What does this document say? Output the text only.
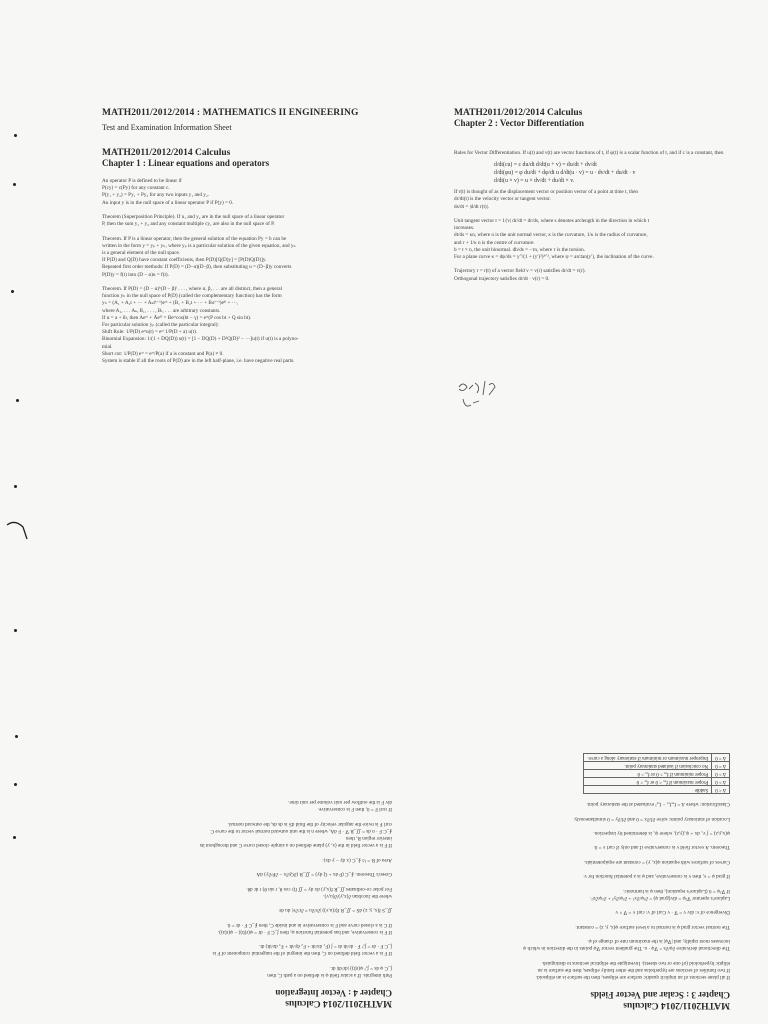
MATH2011/2012/2014 : MATHEMATICS II ENGINEERING

Test and Examination Information Sheet

MATH2011/2012/2014 Calculus

Chapter 1 : Linear equations and operators

An operator P is defined to be linear if

P(cy) = c(Py) for any constant c.

P(y₁ + y₂) = Py₁ + Py₂ for any two inputs y₁ and y₂.

An input y is in the null space of a linear operator P if P(y) = 0.

Theorem (Superposition Principle). If u₁ and y₂ are in the null space of a linear operator

P, then the sum y₁ + y₂ and any constant multiple cy₁ are also in the null space of P.

Theorem. If P is a linear operator, then the general solution of the equation Py = b can be

written in the form y = yₚ + yₕ, where yₚ is a particular solution of the given equation, and yₕ

is a general element of the null space.

If P(D) and Q(D) have constant coefficients, then P(D)[Q(D)y] = [P(D)Q(D)]y.

Repeated first order methods: If P(D) = (D−α)(D−β), then substituting u = (D−β)y converts

P(D)y = f(t) into (D − α)u = f(t).

Theorem. If P(D) = (D − α)ᵏ(D − β)ˡ . . . , where α, β, . . . are all distinct, then a general

function yₕ in the null space of P(D) (called the complementary function) has the form

yₕ = (A₁ + A₂t + ··· + Aₖtᵏ⁻¹)eᵅᵗ + (B₁ + B₂t + ··· + Bₗtˡ⁻¹)eᵝᵗ + ···,

where A₁, . . . Aₖ, B₁, . . . , Bₗ, . . . are arbitrary constants.

If α = a + ib, then Aeᵅᵗ + Āeᵅ̄ᵗ = Beᵃᵗcos(bt − γ) = eᵃᵗ(P cos bt + Q sin bt).

For particular solution yₚ (called the particular integral):

Shift Rule: 1/P(D) eᵃᵗu(t) = eᵃᵗ 1/P(D + a) u(t).

Binomial Expansion: 1/(1 + DQ(D)) u(t) = [1 − DQ(D) + D²Q(D)² − ···]u(t) if u(t) is a polyno-

mial.

Short cut: 1/P(D) eᵃᵗ = eᵃᵗ/P(a) if a is constant and P(a) ≠ 0.

System is stable if all the roots of P(D) are in the left half-plane, i.e. have negative real parts.

MATH2011/2012/2014 Calculus

Chapter 2 : Vector Differentiation

Rules for Vector Differentiation. If u(t) and v(t) are vector functions of t, if φ(t) is a scalar function of t, and if c is a constant, then

d/dt(cu) = c du/dt d/dt(u + v) = du/dt + dv/dt

d/dt(φu) = φ du/dt + dφ/dt u d/dt(u · v) = u · dv/dt + du/dt · v

d/dt(u × v) = u × dv/dt + du/dt × v.

If r(t) is thought of as the displacement vector or position vector of a point at time t, then

dr/dt(t) is the velocity vector or tangent vector.

ds/dt = |d/dt r(t)|.

Unit tangent vector t = 1/|v| dr/dt = dr/ds, where s denotes arclength in the direction in which t

increases.

dt/ds = κn, where n is the unit normal vector, κ is the curvature, 1/κ is the radius of curvature,

and r + 1/κ n is the centre of curvature.

b = t × n, the unit binormal. db/ds = −τn, where τ is the torsion.

For a plane curve κ = dψ/ds = y″/(1 + (y′)²)³ᐟ², where ψ = arctan(y′), the inclination of the curve.

Trajectory r = r(t) of a vector field v = v(r) satisfies dr/dt = v(r).

Orthogonal trajectory satisfies dr/dt · v(r) = 0.

MATH2011/2014 Calculus

Chapter 4 : Vector Integration

Path integrals. If a scalar field φ is defined on a path C, then

∫_C φ ds = ∫ₐᵇ φ(r(t)) |dr/dt| dt.

If F is a vector field defined on C, then the integral of the tangential component of F is

∫_C F · dr = ∫ₐᵇ F · dr/dt dt = ∫ (F₁ dx/dt + F₂ dy/dt + F₃ dz/dt) dt.

If F is conservative, and has potential function φ, then ∫_C F · dr = φ(r(b)) − φ(r(a)).

If C is a closed curve and F is conservative in and inside C, then ∮_C F · dr = 0.

∬_S f(x, y, z) dS = ∬_R f(r(u,v)) |∂r/∂u × ∂r/∂v| du dv

where the Jacobian ∂(x,y)/∂(u,v).

For polar co-ordinates ∬_R f(x,y) dx dy = ∬ f(r cos θ, r sin θ) r dr dθ.

Green's Theorem. ∮_C (P dx + Q dy) = ∬_R (∂Q/∂x − ∂P/∂y) dA

Area of R = ½ ∮_C (x dy − y dx).

If F is a vector field in the (x, y) plane defined on a simple closed curve C and throughout its

interior region R, then

∮_C F · n ds = ∬_R ∇ · F dA, where n is the unit outward normal vector to the curve C

curl F is twice the angular velocity of the fluid dS is ds ds, the outward normal.

If curl F = 0, then F is conservative.

div F is the outflow per unit volume per unit time.

MATH2011/2014 Calculus

Chapter 3 : Scalar and Vector Fields

If all plane sections of an implicit quadric surface are ellipses, then the surface is an ellipsoid.

If two families of sections are hyperbolas and the other family ellipses, then the surface is an

elliptic hyperboloid (of one or two sheets). Investigate the elliptical sections to distinguish.

The directional derivative ∂φ/∂s = ∇φ · u. The gradient vector ∇φ points in the direction in which φ

increases most rapidly, and |∇φ| is the maximum rate of change of φ.

The normal vector grad φ is normal to a level surface φ(x, y, z) = constant.

Divergence of v: div v = ∇ · v Curl of v: curl v = ∇ × v

Laplace's operator ∇²φ = div(grad φ) = ∂²φ/∂x² + ∂²φ/∂y² + ∂²φ/∂z².

If ∇²φ = 0 (Laplace's equation), then φ is harmonic.

If grad φ = v, then v is conservative, and φ is a potential function for v.

Curves of surfaces with equation φ(x, y) = constant are equipotentials.

Theorem. A vector field v is conservative if and only if curl v = 0.

φ(x,y,z) = ∫ v₁ dx + ψ₁(y,z), where ψ₁ is determined by inspection.

Location of stationary points: solve ∂f/∂x = 0 and ∂f/∂y = 0 simultaneously.

Classification: where Δ = fₓₓfᵧᵧ − fₓᵧ² evaluated at the stationary point.

Δ < 0	Saddle
Δ > 0	Proper maximum if fₓₓ < 0 or fᵧᵧ < 0
Δ > 0	Proper minimum if fₓₓ > 0 or fᵧᵧ > 0
Δ = 0	No conclusion if isolated stationary point.
Δ = 0	Improper maximum or minimum if stationary along a curve.
